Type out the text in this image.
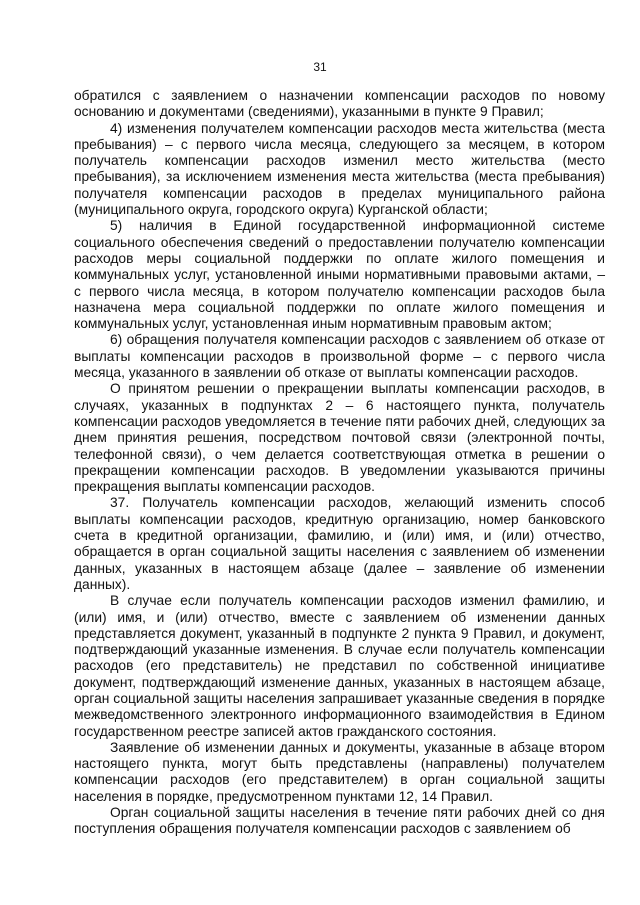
31

обратился с заявлением о назначении компенсации расходов по новому основанию и документами (сведениями), указанными в пункте 9 Правил;

4) изменения получателем компенсации расходов места жительства (места пребывания) – с первого числа месяца, следующего за месяцем, в котором получатель компенсации расходов изменил место жительства (место пребывания), за исключением изменения места жительства (места пребывания) получателя компенсации расходов в пределах муниципального района (муниципального округа, городского округа) Курганской области;

5) наличия в Единой государственной информационной системе социального обеспечения сведений о предоставлении получателю компенсации расходов меры социальной поддержки по оплате жилого помещения и коммунальных услуг, установленной иными нормативными правовыми актами, – с первого числа месяца, в котором получателю компенсации расходов была назначена мера социальной поддержки по оплате жилого помещения и коммунальных услуг, установленная иным нормативным правовым актом;

6) обращения получателя компенсации расходов с заявлением об отказе от выплаты компенсации расходов в произвольной форме – с первого числа месяца, указанного в заявлении об отказе от выплаты компенсации расходов.

О принятом решении о прекращении выплаты компенсации расходов, в случаях, указанных в подпунктах 2 – 6 настоящего пункта, получатель компенсации расходов уведомляется в течение пяти рабочих дней, следующих за днем принятия решения, посредством почтовой связи (электронной почты, телефонной связи), о чем делается соответствующая отметка в решении о прекращении компенсации расходов. В уведомлении указываются причины прекращения выплаты компенсации расходов.

37. Получатель компенсации расходов, желающий изменить способ выплаты компенсации расходов, кредитную организацию, номер банковского счета в кредитной организации, фамилию, и (или) имя, и (или) отчество, обращается в орган социальной защиты населения с заявлением об изменении данных, указанных в настоящем абзаце (далее – заявление об изменении данных).

В случае если получатель компенсации расходов изменил фамилию, и (или) имя, и (или) отчество, вместе с заявлением об изменении данных представляется документ, указанный в подпункте 2 пункта 9 Правил, и документ, подтверждающий указанные изменения. В случае если получатель компенсации расходов (его представитель) не представил по собственной инициативе документ, подтверждающий изменение данных, указанных в настоящем абзаце, орган социальной защиты населения запрашивает указанные сведения в порядке межведомственного электронного информационного взаимодействия в Едином государственном реестре записей актов гражданского состояния.

Заявление об изменении данных и документы, указанные в абзаце втором настоящего пункта, могут быть представлены (направлены) получателем компенсации расходов (его представителем) в орган социальной защиты населения в порядке, предусмотренном пунктами 12, 14 Правил.

Орган социальной защиты населения в течение пяти рабочих дней со дня поступления обращения получателя компенсации расходов с заявлением об
